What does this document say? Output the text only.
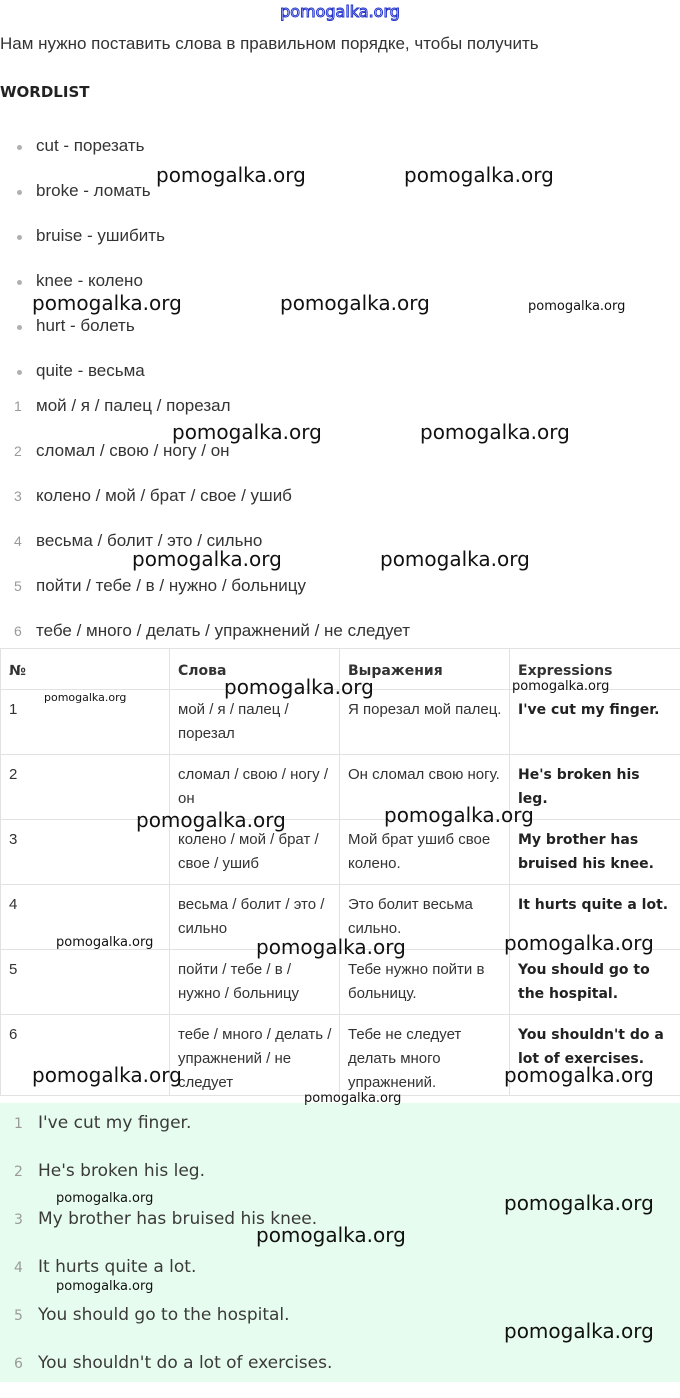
pomogalka.org
Нам нужно поставить слова в правильном порядке, чтобы получить
WORDLIST
cut - порезать
broke - ломать
bruise - ушибить
knee - колено
hurt - болеть
quite - весьма
1 мой / я / палец / порезал
2 сломал / свою / ногу / он
3 колено / мой / брат / свое / ушиб
4 весьма / болит / это / сильно
5 пойти / тебе / в / нужно / больницу
6 тебе / много / делать / упражнений / не следует
№	Слова	Выражения	Expressions
1	мой / я / палец / порезал	Я порезал мой палец.	I've cut my finger.
2	сломал / свою / ногу / он	Он сломал свою ногу.	He's broken his leg.
3	колено / мой / брат / свое / ушиб	Мой брат ушиб свое колено.	My brother has bruised his knee.
4	весьма / болит / это / сильно	Это болит весьма сильно.	It hurts quite a lot.
5	пойти / тебе / в / нужно / больницу	Тебе нужно пойти в больницу.	You should go to the hospital.
6	тебе / много / делать / упражнений / не следует	Тебе не следует делать много упражнений.	You shouldn't do a lot of exercises.
1 I've cut my finger.
2 He's broken his leg.
3 My brother has bruised his knee.
4 It hurts quite a lot.
5 You should go to the hospital.
6 You shouldn't do a lot of exercises.
pomogalka.org	pomogalka.org
pomogalka.org	pomogalka.org	pomogalka.org
pomogalka.org	pomogalka.org
pomogalka.org	pomogalka.org
pomogalka.org	pomogalka.org	pomogalka.org
pomogalka.org	pomogalka.org
pomogalka.org	pomogalka.org	pomogalka.org
pomogalka.org	pomogalka.org
pomogalka.org
pomogalka.org	pomogalka.org
pomogalka.org
pomogalka.org
pomogalka.org
